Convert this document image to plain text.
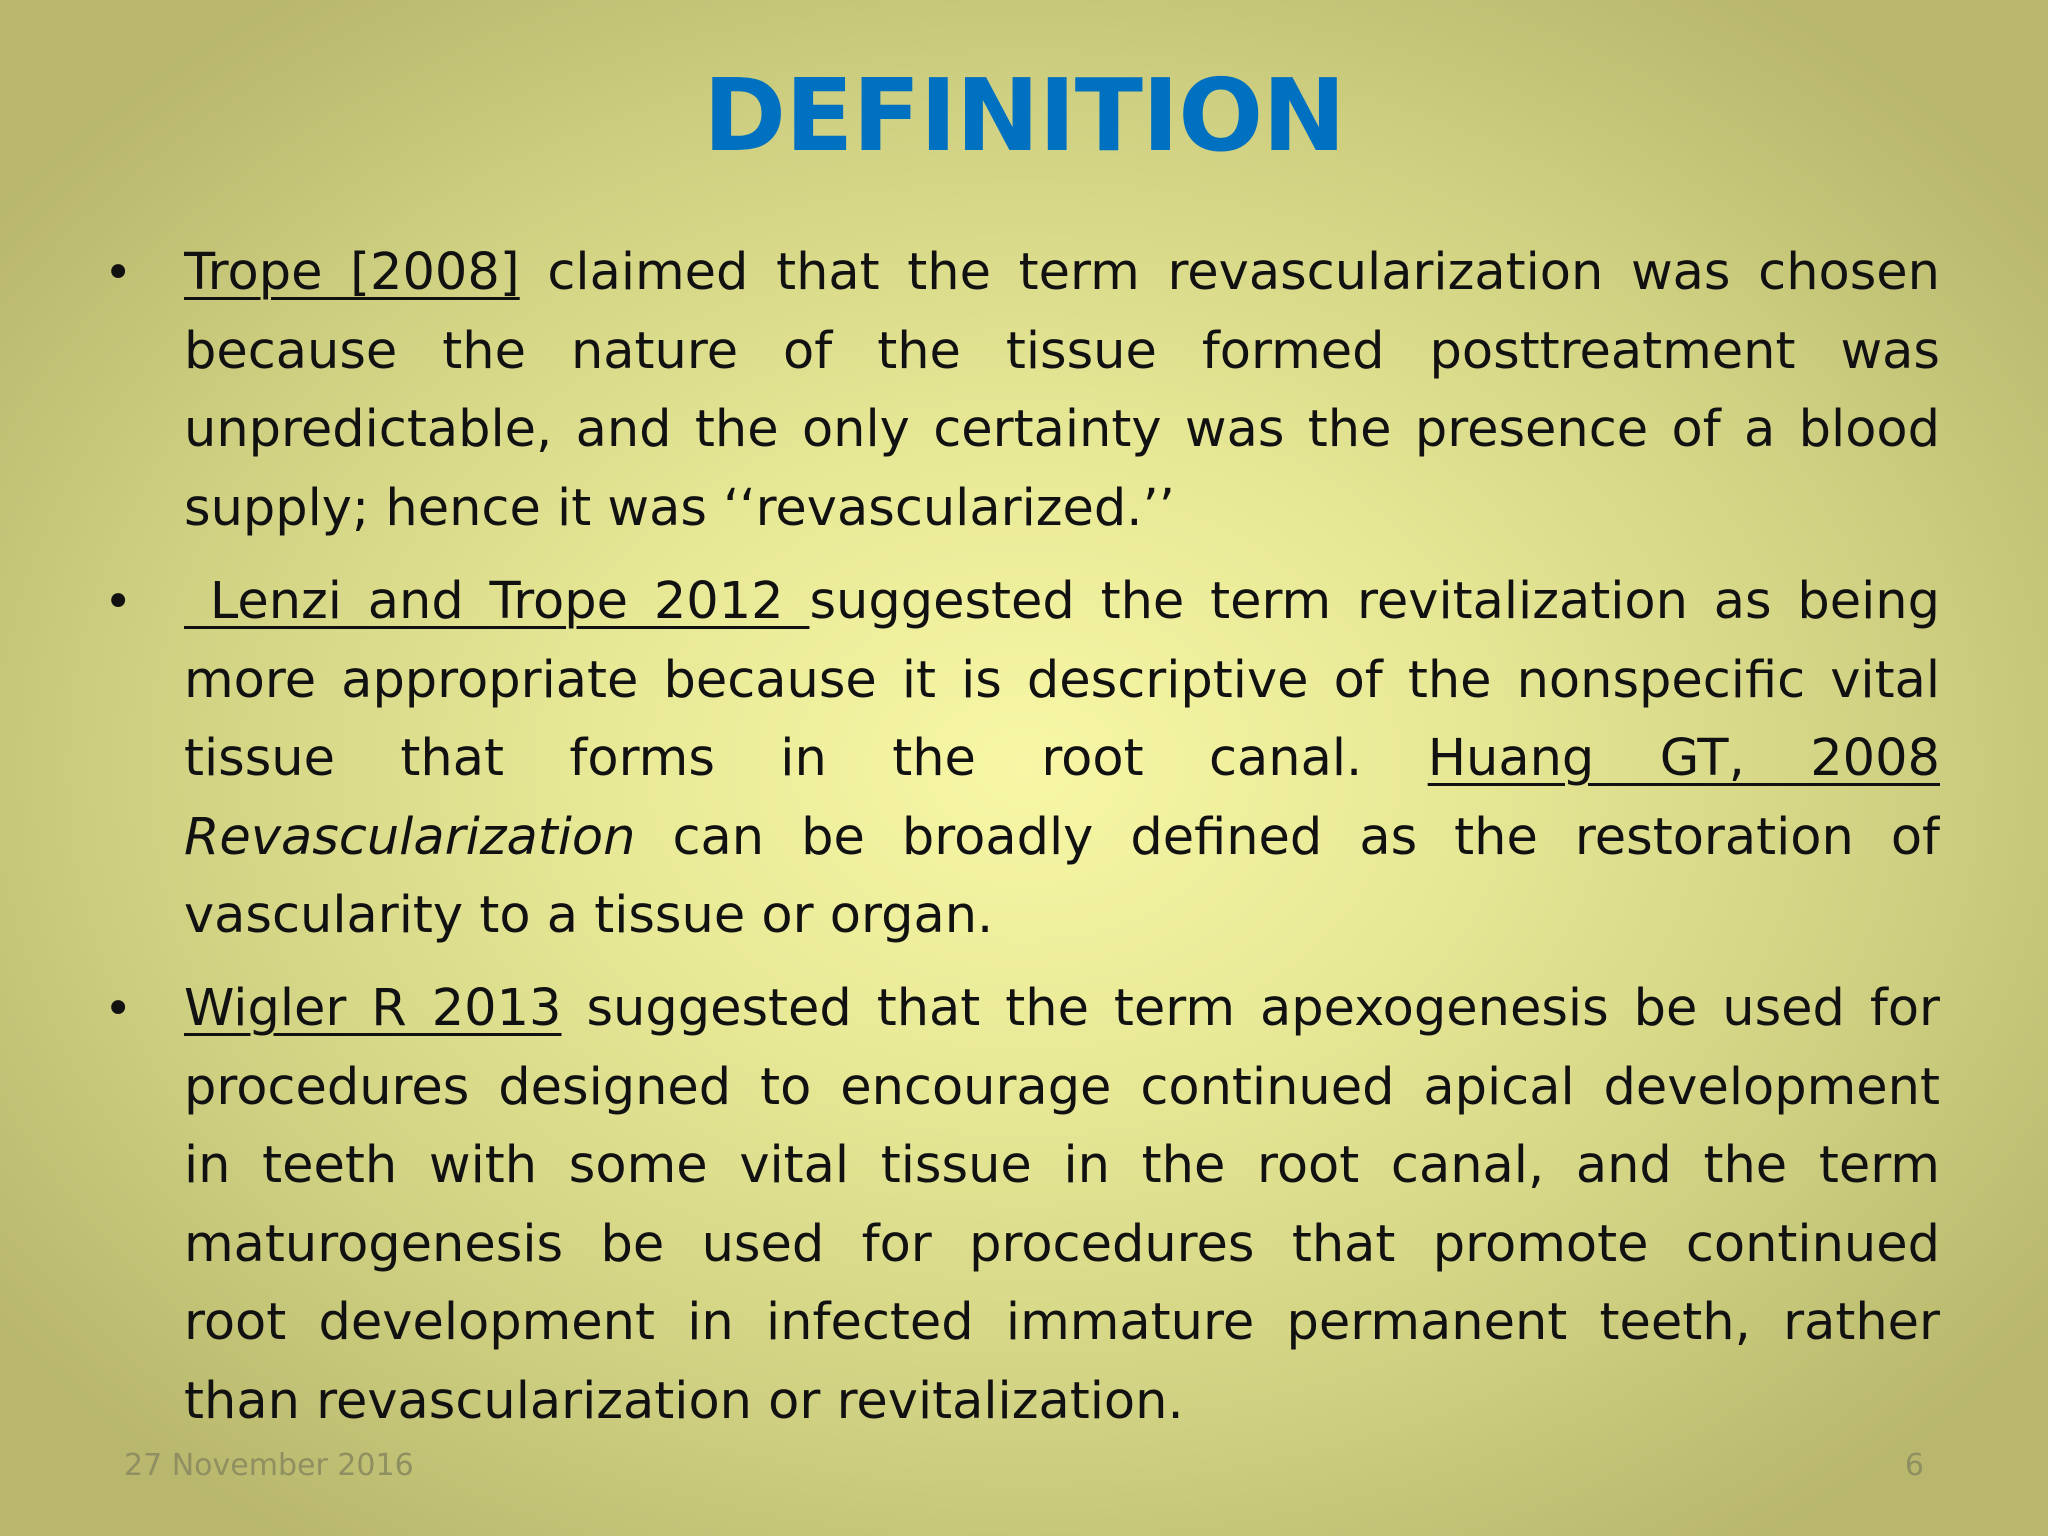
DEFINITION
• Trope [2008] claimed that the term revascularization was chosen
because the nature of the tissue formed posttreatment was
unpredictable, and the only certainty was the presence of a blood
supply; hence it was ‘‘revascularized.’’
• Lenzi and Trope 2012 suggested the term revitalization as being
more appropriate because it is descriptive of the nonspecific vital
tissue that forms in the root canal. Huang GT, 2008
Revascularization can be broadly defined as the restoration of
vascularity to a tissue or organ.
• Wigler R 2013 suggested that the term apexogenesis be used for
procedures designed to encourage continued apical development
in teeth with some vital tissue in the root canal, and the term
maturogenesis be used for procedures that promote continued
root development in infected immature permanent teeth, rather
than revascularization or revitalization.
27 November 2016	6
